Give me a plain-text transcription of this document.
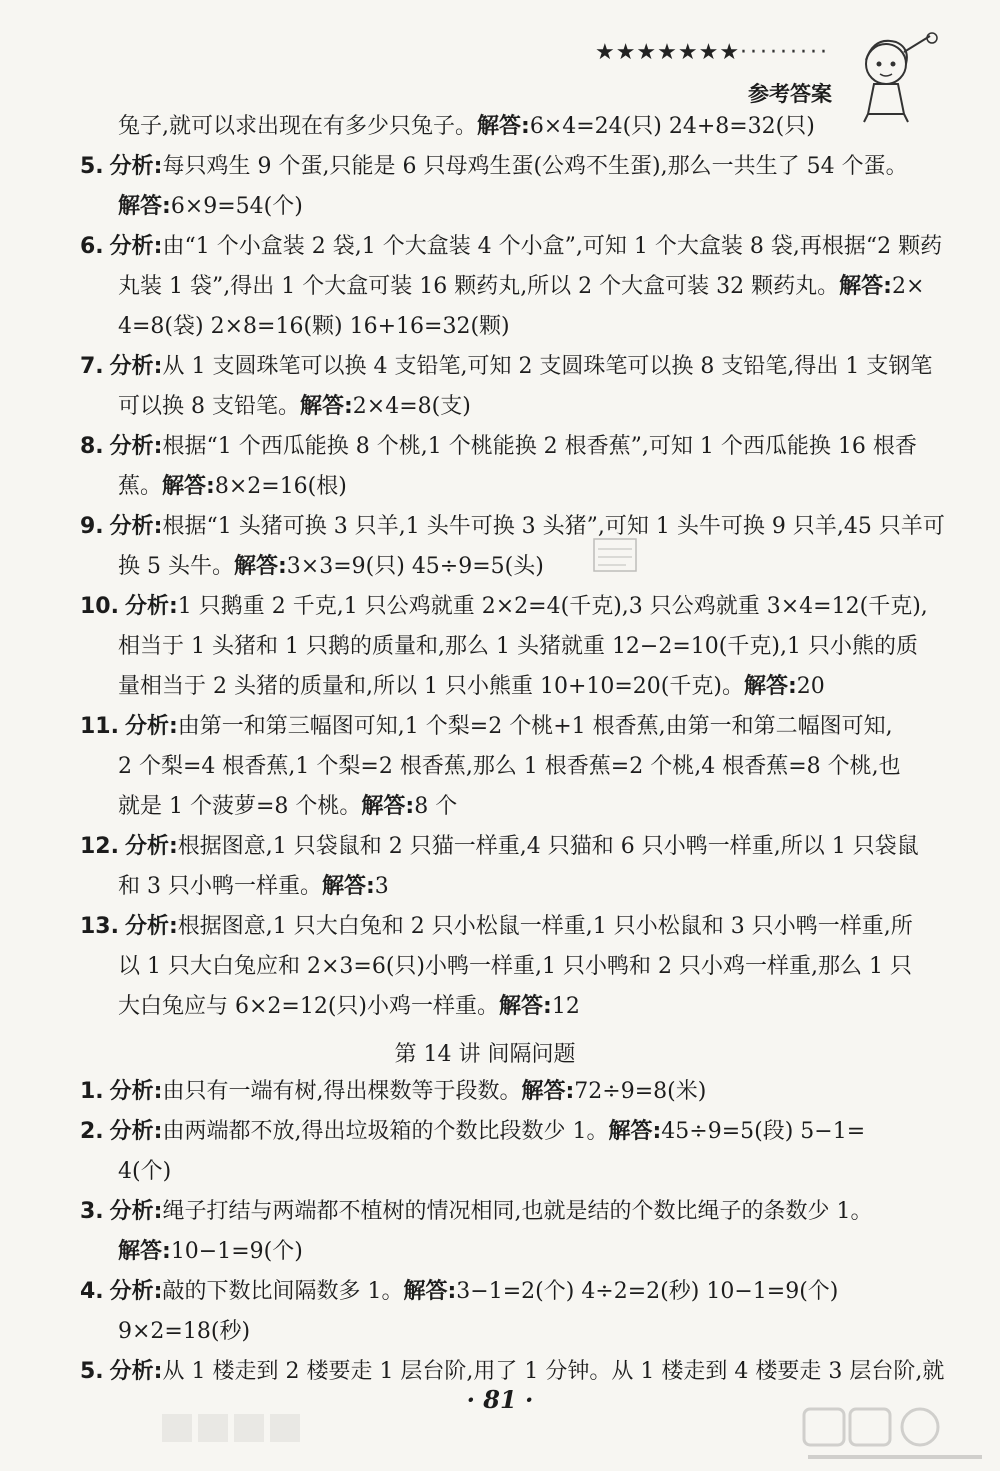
★★★★★★★·········
参考答案
兔子,就可以求出现在有多少只兔子。解答:6×4=24(只) 24+8=32(只)
5. 分析:每只鸡生 9 个蛋,只能是 6 只母鸡生蛋(公鸡不生蛋),那么一共生了 54 个蛋。
解答:6×9=54(个)
6. 分析:由“1 个小盒装 2 袋,1 个大盒装 4 个小盒”,可知 1 个大盒装 8 袋,再根据“2 颗药
丸装 1 袋”,得出 1 个大盒可装 16 颗药丸,所以 2 个大盒可装 32 颗药丸。解答:2×
4=8(袋) 2×8=16(颗) 16+16=32(颗)
7. 分析:从 1 支圆珠笔可以换 4 支铅笔,可知 2 支圆珠笔可以换 8 支铅笔,得出 1 支钢笔
可以换 8 支铅笔。解答:2×4=8(支)
8. 分析:根据“1 个西瓜能换 8 个桃,1 个桃能换 2 根香蕉”,可知 1 个西瓜能换 16 根香
蕉。解答:8×2=16(根)
9. 分析:根据“1 头猪可换 3 只羊,1 头牛可换 3 头猪”,可知 1 头牛可换 9 只羊,45 只羊可
换 5 头牛。解答:3×3=9(只) 45÷9=5(头)
10. 分析:1 只鹅重 2 千克,1 只公鸡就重 2×2=4(千克),3 只公鸡就重 3×4=12(千克),
相当于 1 头猪和 1 只鹅的质量和,那么 1 头猪就重 12−2=10(千克),1 只小熊的质
量相当于 2 头猪的质量和,所以 1 只小熊重 10+10=20(千克)。解答:20
11. 分析:由第一和第三幅图可知,1 个梨=2 个桃+1 根香蕉,由第一和第二幅图可知,
2 个梨=4 根香蕉,1 个梨=2 根香蕉,那么 1 根香蕉=2 个桃,4 根香蕉=8 个桃,也
就是 1 个菠萝=8 个桃。解答:8 个
12. 分析:根据图意,1 只袋鼠和 2 只猫一样重,4 只猫和 6 只小鸭一样重,所以 1 只袋鼠
和 3 只小鸭一样重。解答:3
13. 分析:根据图意,1 只大白兔和 2 只小松鼠一样重,1 只小松鼠和 3 只小鸭一样重,所
以 1 只大白兔应和 2×3=6(只)小鸭一样重,1 只小鸭和 2 只小鸡一样重,那么 1 只
大白兔应与 6×2=12(只)小鸡一样重。解答:12
第 14 讲 间隔问题
1. 分析:由只有一端有树,得出棵数等于段数。解答:72÷9=8(米)
2. 分析:由两端都不放,得出垃圾箱的个数比段数少 1。解答:45÷9=5(段) 5−1=
4(个)
3. 分析:绳子打结与两端都不植树的情况相同,也就是结的个数比绳子的条数少 1。
解答:10−1=9(个)
4. 分析:敲的下数比间隔数多 1。解答:3−1=2(个) 4÷2=2(秒) 10−1=9(个)
9×2=18(秒)
5. 分析:从 1 楼走到 2 楼要走 1 层台阶,用了 1 分钟。从 1 楼走到 4 楼要走 3 层台阶,就
· 81 ·
